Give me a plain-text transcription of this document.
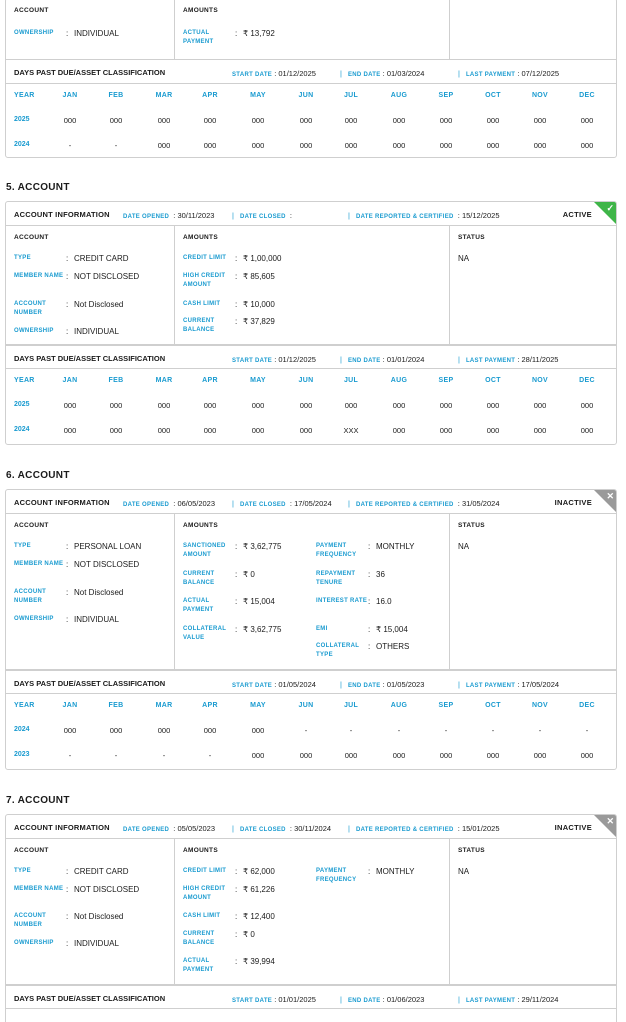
ACCOUNT
OWNERSHIP	: INDIVIDUAL
AMOUNTS
ACTUAL PAYMENT
: ₹ 13,792
DAYS PAST DUE/ASSET CLASSIFICATION	START DATE : 01/12/2025	| END DATE : 01/03/2024	| LAST PAYMENT : 07/12/2025
YEAR	JAN	FEB	MAR	APR	MAY	JUN	JUL	AUG	SEP	OCT	NOV	DEC
2025	000	000	000	000	000	000	000	000	000	000	000	000
2024	-	-	000	000	000	000	000	000	000	000	000	000
5. ACCOUNT
ACCOUNT INFORMATION DATE OPENED : 30/11/2023 | DATE CLOSED :	| DATE REPORTED & CERTIFIED : 15/12/2025	ACTIVE
✓
ACCOUNT
TYPE	: CREDIT CARD
MEMBER NAME : NOT DISCLOSED
ACCOUNT NUMBER
: Not Disclosed
OWNERSHIP	: INDIVIDUAL
AMOUNTS
CREDIT LIMIT	: ₹ 1,00,000
HIGH CREDIT AMOUNT
: ₹ 85,605
CASH LIMIT	: ₹ 10,000
CURRENT BALANCE
: ₹ 37,829
STATUS
NA
DAYS PAST DUE/ASSET CLASSIFICATION	START DATE : 01/12/2025	| END DATE : 01/01/2024	| LAST PAYMENT : 28/11/2025
YEAR	JAN	FEB	MAR	APR	MAY	JUN	JUL	AUG	SEP	OCT	NOV	DEC
2025	000	000	000	000	000	000	000	000	000	000	000	000
2024	000	000	000	000	000	000	XXX	000	000	000	000	000
6. ACCOUNT
ACCOUNT INFORMATION DATE OPENED : 06/05/2023 | DATE CLOSED : 17/05/2024 | DATE REPORTED & CERTIFIED : 31/05/2024	INACTIVE
✕
ACCOUNT
TYPE	: PERSONAL LOAN
MEMBER NAME : NOT DISCLOSED
ACCOUNT NUMBER
: Not Disclosed
OWNERSHIP	: INDIVIDUAL
AMOUNTS
SANCTIONED AMOUNT
: ₹ 3,62,775
CURRENT BALANCE
: ₹ 0
ACTUAL PAYMENT
: ₹ 15,004
COLLATERAL VALUE
: ₹ 3,62,775
PAYMENT FREQUENCY
: MONTHLY
REPAYMENT TENURE
: 36
INTEREST RATE : 16.0
EMI	: ₹ 15,004
COLLATERAL TYPE
: OTHERS
STATUS
NA
DAYS PAST DUE/ASSET CLASSIFICATION	START DATE : 01/05/2024	| END DATE : 01/05/2023	| LAST PAYMENT : 17/05/2024
YEAR	JAN	FEB	MAR	APR	MAY	JUN	JUL	AUG	SEP	OCT	NOV	DEC
2024	000	000	000	000	000	-	-	-	-	-	-	-
2023	-	-	-	-	000	000	000	000	000	000	000	000
7. ACCOUNT
ACCOUNT INFORMATION DATE OPENED : 05/05/2023 | DATE CLOSED : 30/11/2024 | DATE REPORTED & CERTIFIED : 15/01/2025	INACTIVE
✕
ACCOUNT
TYPE	: CREDIT CARD
MEMBER NAME : NOT DISCLOSED
ACCOUNT NUMBER
: Not Disclosed
OWNERSHIP	: INDIVIDUAL
AMOUNTS
CREDIT LIMIT	: ₹ 62,000
HIGH CREDIT AMOUNT
: ₹ 61,226
CASH LIMIT	: ₹ 12,400
CURRENT BALANCE
: ₹ 0
ACTUAL PAYMENT
: ₹ 39,994
PAYMENT FREQUENCY
: MONTHLY
STATUS
NA
DAYS PAST DUE/ASSET CLASSIFICATION	START DATE : 01/01/2025	| END DATE : 01/06/2023	| LAST PAYMENT : 29/11/2024
